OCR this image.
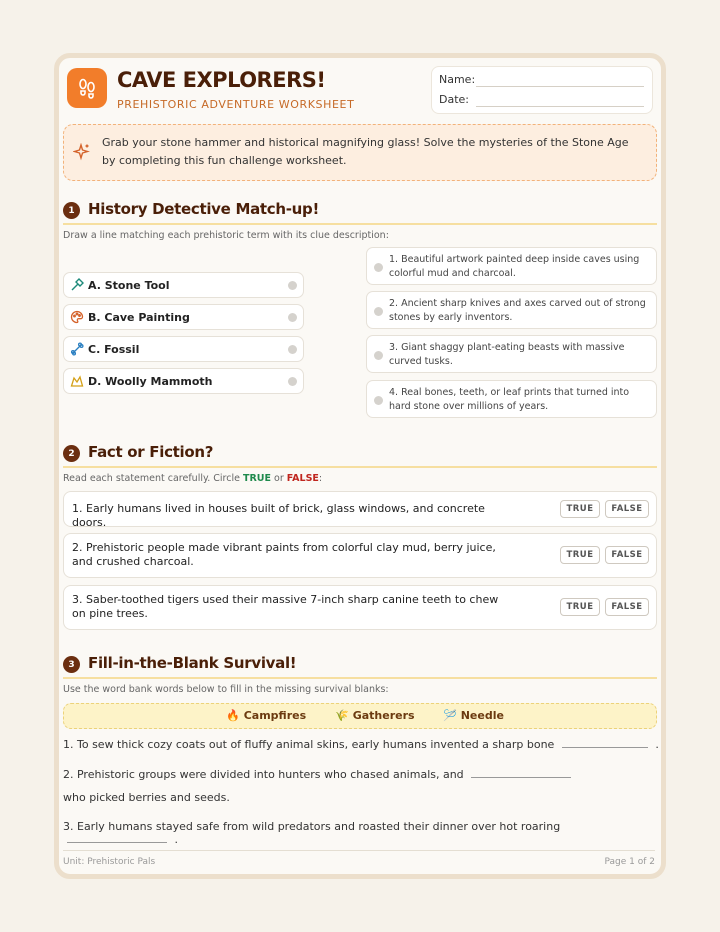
CAVE EXPLORERS!
PREHISTORIC ADVENTURE WORKSHEET
Name:
Date:
Grab your stone hammer and historical magnifying glass! Solve the mysteries of the Stone Age by completing this fun challenge worksheet.
1 History Detective Match-up!
Draw a line matching each prehistoric term with its clue description:
A. Stone Tool
B. Cave Painting
C. Fossil
D. Woolly Mammoth
1. Beautiful artwork painted deep inside caves using colorful mud and charcoal.
2. Ancient sharp knives and axes carved out of strong stones by early inventors.
3. Giant shaggy plant-eating beasts with massive curved tusks.
4. Real bones, teeth, or leaf prints that turned into hard stone over millions of years.
2 Fact or Fiction?
Read each statement carefully. Circle TRUE or FALSE:
1. Early humans lived in houses built of brick, glass windows, and concrete doors.
TRUE	FALSE
2. Prehistoric people made vibrant paints from colorful clay mud, berry juice, and crushed charcoal.	TRUE	FALSE
3. Saber-toothed tigers used their massive 7-inch sharp canine teeth to chew on pine trees.	TRUE	FALSE
3 Fill-in-the-Blank Survival!
Use the word bank words below to fill in the missing survival blanks:
🔥 Campfires	🌾 Gatherers	🪡 Needle
1. To sew thick cozy coats out of fluffy animal skins, early humans invented a sharp bone	.
2. Prehistoric groups were divided into hunters who chased animals, and
who picked berries and seeds.
3. Early humans stayed safe from wild predators and roasted their dinner over hot roaring  .
Unit: Prehistoric Pals	Page 1 of 2
